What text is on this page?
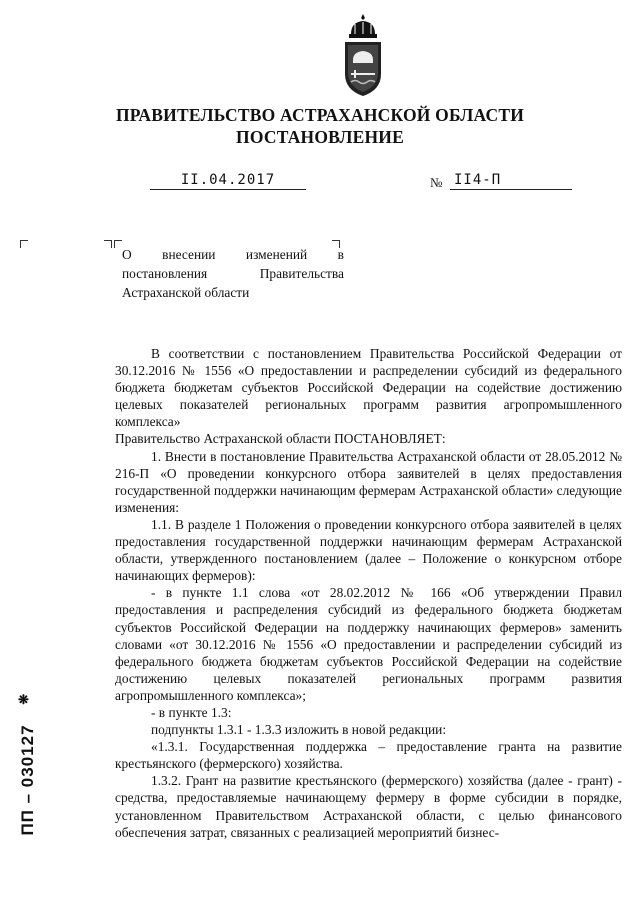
ПРАВИТЕЛЬСТВО АСТРАХАНСКОЙ ОБЛАСТИ
ПОСТАНОВЛЕНИЕ
II.04.2017	№ II4-П
О внесении изменений в постановления Правительства Астраханской области

В соответствии с постановлением Правительства Российской Федерации от 30.12.2016 № 1556 «О предоставлении и распределении субсидий из федерального бюджета бюджетам субъектов Российской Федерации на содействие достижению целевых показателей региональных программ развития агропромышленного комплекса»

Правительство Астраханской области ПОСТАНОВЛЯЕТ:

1. Внести в постановление Правительства Астраханской области от 28.05.2012 № 216-П «О проведении конкурсного отбора заявителей в целях предоставления государственной поддержки начинающим фермерам Астраханской области» следующие изменения:

1.1. В разделе 1 Положения о проведении конкурсного отбора заявителей в целях предоставления государственной поддержки начинающим фермерам Астраханской области, утвержденного постановлением (далее – Положение о конкурсном отборе начинающих фермеров):

- в пункте 1.1 слова «от 28.02.2012 № 166 «Об утверждении Правил предоставления и распределения субсидий из федерального бюджета бюджетам субъектов Российской Федерации на поддержку начинающих фермеров» заменить словами «от 30.12.2016 № 1556 «О предоставлении и распределении субсидий из федерального бюджета бюджетам субъектов Российской Федерации на содействие достижению целевых показателей региональных программ развития агропромышленного комплекса»;

- в пункте 1.3:

подпункты 1.3.1 - 1.3.3 изложить в новой редакции:

«1.3.1. Государственная поддержка – предоставление гранта на развитие крестьянского (фермерского) хозяйства.

1.3.2. Грант на развитие крестьянского (фермерского) хозяйства (далее - грант) - средства, предоставляемые начинающему фермеру в форме субсидии в порядке, установленном Правительством Астраханской области, с целью финансового обеспечения затрат, связанных с реализацией мероприятий бизнес-

❋
ПП – 030127
